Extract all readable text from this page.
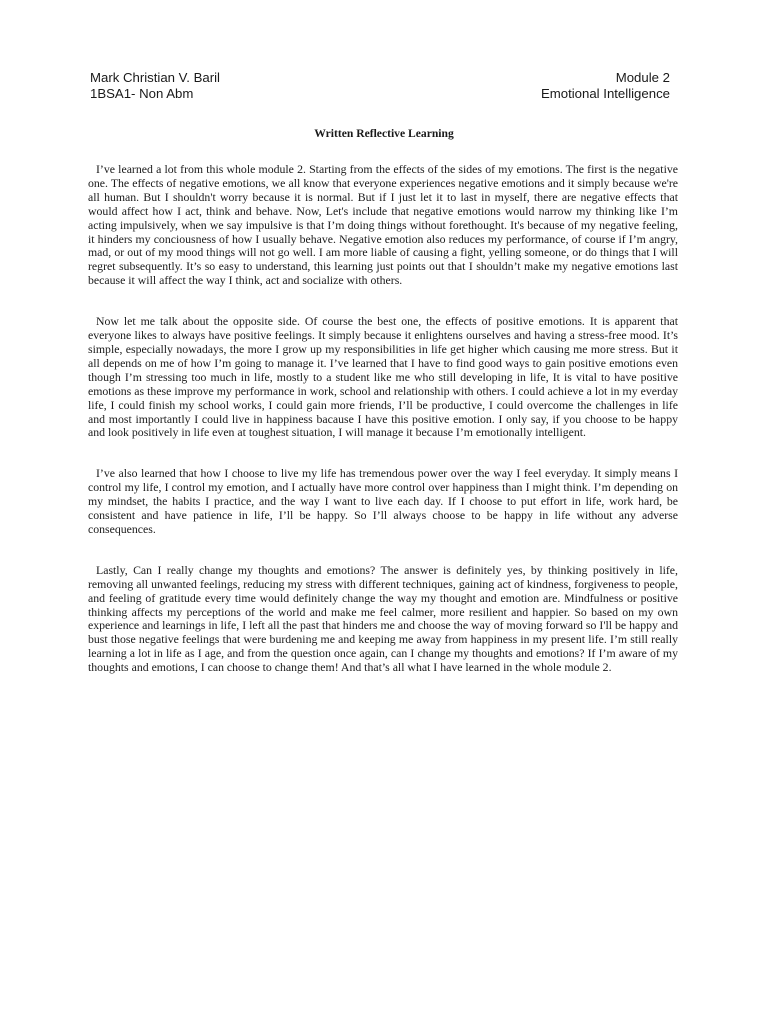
Mark Christian V. Baril
1BSA1- Non Abm
Module 2
Emotional Intelligence
Written Reflective Learning

I’ve learned a lot from this whole module 2. Starting from the effects of the sides of my emotions. The first is the negative one. The effects of negative emotions, we all know that everyone experiences negative emotions and it simply because we're all human. But I shouldn't worry because it is normal. But if I just let it to last in myself, there are negative effects that would affect how I act, think and behave. Now, Let's include that negative emotions would narrow my thinking like I’m acting impulsively, when we say impulsive is that I’m doing things without forethought. It's because of my negative feeling, it hinders my conciousness of how I usually behave. Negative emotion also reduces my performance, of course if I’m angry, mad, or out of my mood things will not go well. I am more liable of causing a fight, yelling someone, or do things that I will regret subsequently. It’s so easy to understand, this learning just points out that I shouldn’t make my negative emotions last because it will affect the way I think, act and socialize with others.

Now let me talk about the opposite side. Of course the best one, the effects of positive emotions. It is apparent that everyone likes to always have positive feelings. It simply because it enlightens ourselves and having a stress-free mood. It’s simple, especially nowadays, the more I grow up my responsibilities in life get higher which causing me more stress. But it all depends on me of how I’m going to manage it. I’ve learned that I have to find good ways to gain positive emotions even though I’m stressing too much in life, mostly to a student like me who still developing in life, It is vital to have positive emotions as these improve my performance in work, school and relationship with others. I could achieve a lot in my everday life, I could finish my school works, I could gain more friends, I’ll be productive, I could overcome the challenges in life and most importantly I could live in happiness bacause I have this positive emotion. I only say, if you choose to be happy and look positively in life even at toughest situation, I will manage it because I’m emotionally intelligent.

I’ve also learned that how I choose to live my life has tremendous power over the way I feel everyday. It simply means I control my life, I control my emotion, and I actually have more control over happiness than I might think. I’m depending on my mindset, the habits I practice, and the way I want to live each day. If I choose to put effort in life, work hard, be consistent and have patience in life, I’ll be happy. So I’ll always choose to be happy in life without any adverse consequences.

Lastly, Can I really change my thoughts and emotions? The answer is definitely yes, by thinking positively in life, removing all unwanted feelings, reducing my stress with different techniques, gaining act of kindness, forgiveness to people, and feeling of gratitude every time would definitely change the way my thought and emotion are. Mindfulness or positive thinking affects my perceptions of the world and make me feel calmer, more resilient and happier. So based on my own experience and learnings in life, I left all the past that hinders me and choose the way of moving forward so I'll be happy and bust those negative feelings that were burdening me and keeping me away from happiness in my present life. I’m still really learning a lot in life as I age, and from the question once again, can I change my thoughts and emotions? If I’m aware of my thoughts and emotions, I can choose to change them! And that’s all what I have learned in the whole module 2.
